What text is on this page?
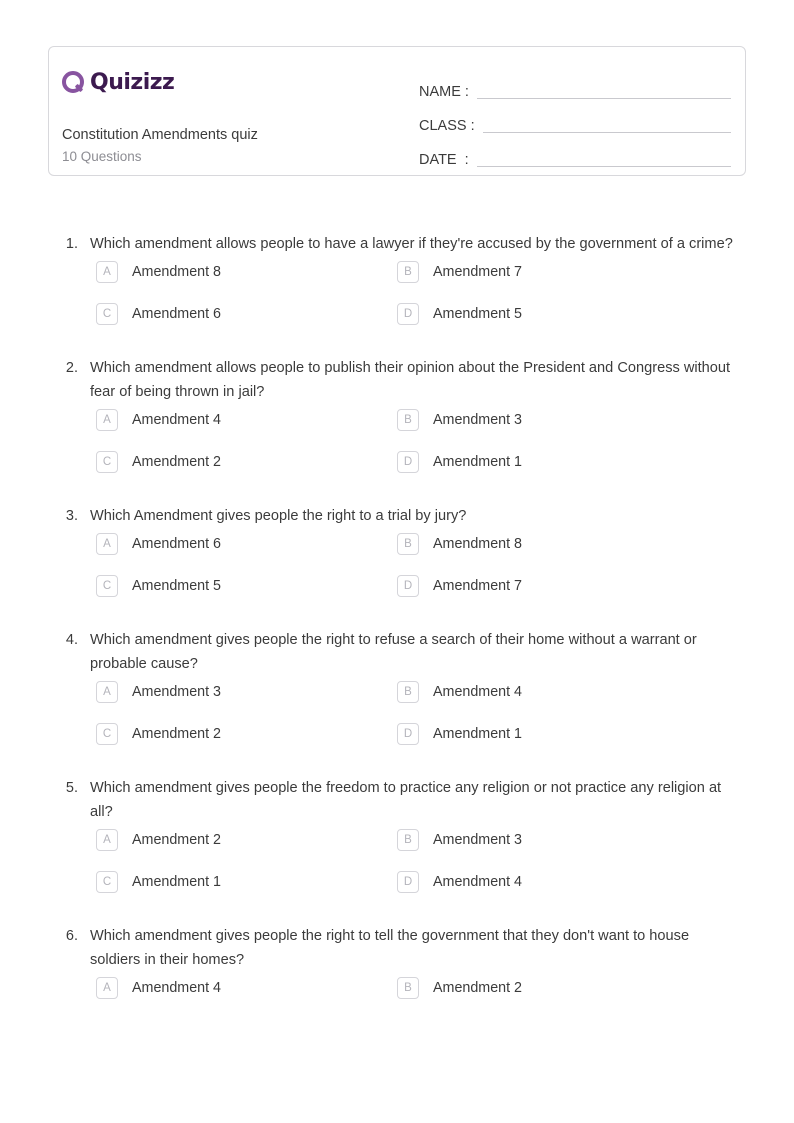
Quizizz
Constitution Amendments quiz
10 Questions
NAME :
CLASS :
DATE  :
1. Which amendment allows people to have a lawyer if they're accused by the government of a crime?
A	Amendment 8	B	Amendment 7
C	Amendment 6	D	Amendment 5
2. Which amendment allows people to publish their opinion about the President and Congress without fear of being thrown in jail?
A	Amendment 4	B	Amendment 3
C	Amendment 2	D	Amendment 1
3. Which Amendment gives people the right to a trial by jury?
A	Amendment 6	B	Amendment 8
C	Amendment 5	D	Amendment 7
4. Which amendment gives people the right to refuse a search of their home without a warrant or probable cause?
A	Amendment 3	B	Amendment 4
C	Amendment 2	D	Amendment 1
5. Which amendment gives people the freedom to practice any religion or not practice any religion at all?
A	Amendment 2	B	Amendment 3
C	Amendment 1	D	Amendment 4
6. Which amendment gives people the right to tell the government that they don't want to house soldiers in their homes?
A	Amendment 4	B	Amendment 2
